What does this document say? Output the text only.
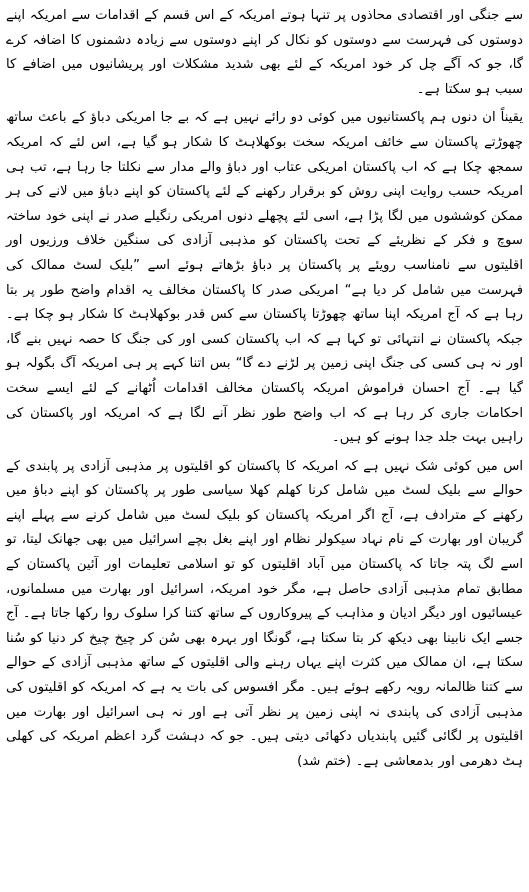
سے جنگی اور اقتصادی محاذوں پر تنہا ہوتے امریکہ کے اس قسم کے اقدامات سے امریکہ اپنے دوستوں کی فہرست سے دوستوں کو نکال کر اپنے دوستوں سے زیادہ دشمنوں کا اضافہ کرے گا، جو کہ آگے چل کر خود امریکہ کے لئے بھی شدید مشکلات اور پریشانیوں میں اضافے کا سبب ہو سکتا ہے۔

یقیناً ان دنوں ہم پاکستانیوں میں کوئی دو رائے نہیں ہے کہ بے جا امریکی دباؤ کے باعث ساتھ چھوڑتے پاکستان سے خائف امریکہ سخت بوکھلاہٹ کا شکار ہو گیا ہے، اس لئے کہ امریکہ سمجھ چکا ہے کہ اب پاکستان امریکی عتاب اور دباؤ والے مدار سے نکلتا جا رہا ہے، تب ہی امریکہ حسب روایت اپنی روش کو برقرار رکھنے کے لئے پاکستان کو اپنے دباؤ میں لانے کی ہر ممکن کوششوں میں لگا پڑا ہے، اسی لئے پچھلے دنوں امریکی رنگیلے صدر نے اپنی خود ساختہ سوچ و فکر کے نظریئے کے تحت پاکستان کو مذہبی آزادی کی سنگین خلاف ورزیوں اور اقلیتوں سے نامناسب رویئے پر پاکستان پر دباؤ بڑھاتے ہوئے اسے ”بلیک لسٹ ممالک کی فہرست میں شامل کر دیا ہے“ امریکی صدر کا پاکستان مخالف یہ اقدام واضح طور پر بتا رہا ہے کہ آج امریکہ اپنا ساتھ چھوڑتا پاکستان سے کس قدر بوکھلاہٹ کا شکار ہو چکا ہے۔ جبکہ پاکستان نے انتہائی تو کہا ہے کہ اب پاکستان کسی اور کی جنگ کا حصہ نہیں بنے گا، اور نہ ہی کسی کی جنگ اپنی زمین پر لڑنے دے گا“ بس اتنا کہے پر ہی امریکہ آگ بگولہ ہو گیا ہے۔ آج احسان فراموش امریکہ پاکستان مخالف اقدامات اُٹھانے کے لئے ایسے سخت احکامات جاری کر رہا ہے کہ اب واضح طور نظر آنے لگا ہے کہ امریکہ اور پاکستان کی راہیں بہت جلد جدا ہونے کو ہیں۔

اس میں کوئی شک نہیں ہے کہ امریکہ کا پاکستان کو اقلیتوں پر مذہبی آزادی پر پابندی کے حوالے سے بلیک لسٹ میں شامل کرنا کھلم کھلا سیاسی طور پر پاکستان کو اپنے دباؤ میں رکھنے کے مترادف ہے، آج اگر امریکہ پاکستان کو بلیک لسٹ میں شامل کرنے سے پہلے اپنے گریبان اور بھارت کے نام نہاد سیکولر نظام اور اپنے بغل بچے اسرائیل میں بھی جھانک لیتا، تو اسے لگ پتہ جاتا کہ پاکستان میں آباد اقلیتوں کو تو اسلامی تعلیمات اور آئین پاکستان کے مطابق تمام مذہبی آزادی حاصل ہے، مگر خود امریکہ، اسرائیل اور بھارت میں مسلمانوں، عیسائیوں اور دیگر ادیان و مذاہب کے پیروکاروں کے ساتھ کتنا کرا سلوک روا رکھا جاتا ہے۔ آج جسے ایک نابینا بھی دیکھ کر بتا سکتا ہے، گونگا اور بہرہ بھی سُن کر چیخ چیخ کر دنیا کو سُنا سکتا ہے، ان ممالک میں کثرت اپنے یہاں رہنے والی اقلیتوں کے ساتھ مذہبی آزادی کے حوالے سے کتنا ظالمانہ رویہ رکھے ہوئے ہیں۔ مگر افسوس کی بات یہ ہے کہ امریکہ کو اقلیتوں کی مذہبی آزادی کی پابندی نہ اپنی زمین پر نظر آتی ہے اور نہ ہی اسرائیل اور بھارت میں اقلیتوں پر لگائی گئیں پابندیاں دکھائی دیتی ہیں۔ جو کہ دہشت گرد اعظم امریکہ کی کھلی ہٹ دھرمی اور بدمعاشی ہے۔ (ختم شد)
